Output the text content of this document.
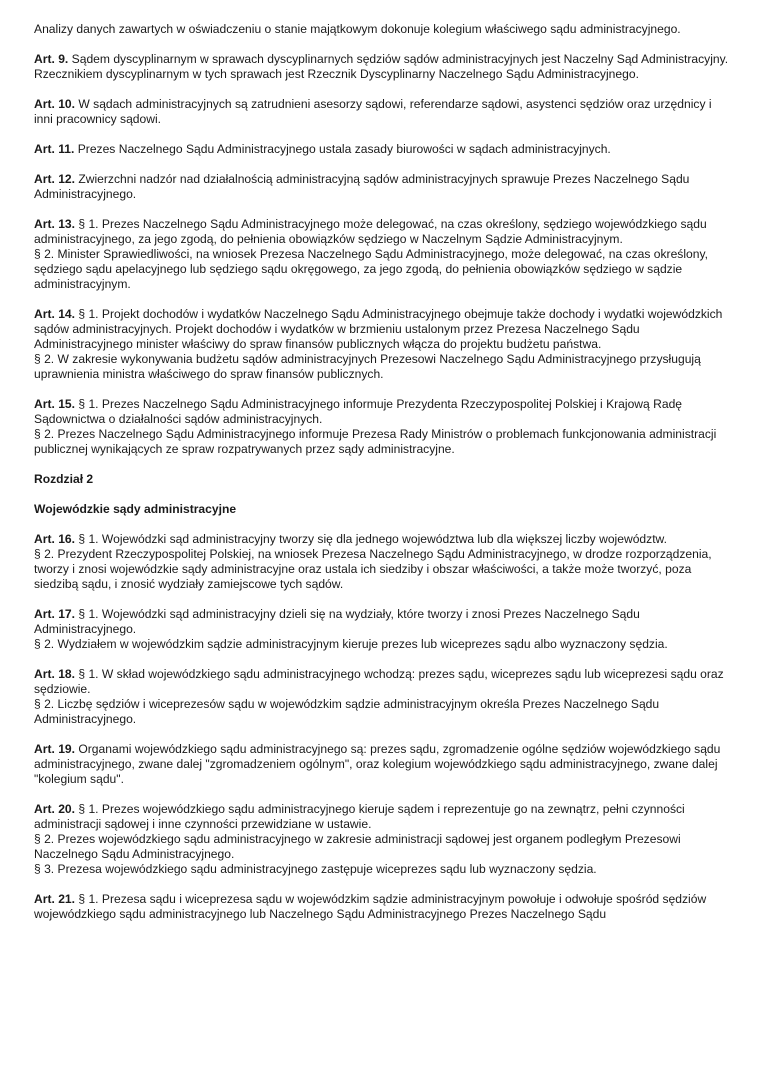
Analizy danych zawartych w oświadczeniu o stanie majątkowym dokonuje kolegium właściwego sądu administracyjnego.

Art. 9. Sądem dyscyplinarnym w sprawach dyscyplinarnych sędziów sądów administracyjnych jest Naczelny Sąd Administracyjny. Rzecznikiem dyscyplinarnym w tych sprawach jest Rzecznik Dyscyplinarny Naczelnego Sądu Administracyjnego.

Art. 10. W sądach administracyjnych są zatrudnieni asesorzy sądowi, referendarze sądowi, asystenci sędziów oraz urzędnicy i inni pracownicy sądowi.

Art. 11. Prezes Naczelnego Sądu Administracyjnego ustala zasady biurowości w sądach administracyjnych.

Art. 12. Zwierzchni nadzór nad działalnością administracyjną sądów administracyjnych sprawuje Prezes Naczelnego Sądu Administracyjnego.

Art. 13. § 1. Prezes Naczelnego Sądu Administracyjnego może delegować, na czas określony, sędziego wojewódzkiego sądu administracyjnego, za jego zgodą, do pełnienia obowiązków sędziego w Naczelnym Sądzie Administracyjnym.
§ 2. Minister Sprawiedliwości, na wniosek Prezesa Naczelnego Sądu Administracyjnego, może delegować, na czas określony, sędziego sądu apelacyjnego lub sędziego sądu okręgowego, za jego zgodą, do pełnienia obowiązków sędziego w sądzie administracyjnym.

Art. 14. § 1. Projekt dochodów i wydatków Naczelnego Sądu Administracyjnego obejmuje także dochody i wydatki wojewódzkich sądów administracyjnych. Projekt dochodów i wydatków w brzmieniu ustalonym przez Prezesa Naczelnego Sądu Administracyjnego minister właściwy do spraw finansów publicznych włącza do projektu budżetu państwa.
§ 2. W zakresie wykonywania budżetu sądów administracyjnych Prezesowi Naczelnego Sądu Administracyjnego przysługują uprawnienia ministra właściwego do spraw finansów publicznych.

Art. 15. § 1. Prezes Naczelnego Sądu Administracyjnego informuje Prezydenta Rzeczypospolitej Polskiej i Krajową Radę Sądownictwa o działalności sądów administracyjnych.
§ 2. Prezes Naczelnego Sądu Administracyjnego informuje Prezesa Rady Ministrów o problemach funkcjonowania administracji publicznej wynikających ze spraw rozpatrywanych przez sądy administracyjne.

Rozdział 2
Wojewódzkie sądy administracyjne

Art. 16. § 1. Wojewódzki sąd administracyjny tworzy się dla jednego województwa lub dla większej liczby województw.
§ 2. Prezydent Rzeczypospolitej Polskiej, na wniosek Prezesa Naczelnego Sądu Administracyjnego, w drodze rozporządzenia, tworzy i znosi wojewódzkie sądy administracyjne oraz ustala ich siedziby i obszar właściwości, a także może tworzyć, poza siedzibą sądu, i znosić wydziały zamiejscowe tych sądów.

Art. 17. § 1. Wojewódzki sąd administracyjny dzieli się na wydziały, które tworzy i znosi Prezes Naczelnego Sądu Administracyjnego.
§ 2. Wydziałem w wojewódzkim sądzie administracyjnym kieruje prezes lub wiceprezes sądu albo wyznaczony sędzia.

Art. 18. § 1. W skład wojewódzkiego sądu administracyjnego wchodzą: prezes sądu, wiceprezes sądu lub wiceprezesi sądu oraz sędziowie.
§ 2. Liczbę sędziów i wiceprezesów sądu w wojewódzkim sądzie administracyjnym określa Prezes Naczelnego Sądu Administracyjnego.

Art. 19. Organami wojewódzkiego sądu administracyjnego są: prezes sądu, zgromadzenie ogólne sędziów wojewódzkiego sądu administracyjnego, zwane dalej "zgromadzeniem ogólnym", oraz kolegium wojewódzkiego sądu administracyjnego, zwane dalej "kolegium sądu".

Art. 20. § 1. Prezes wojewódzkiego sądu administracyjnego kieruje sądem i reprezentuje go na zewnątrz, pełni czynności administracji sądowej i inne czynności przewidziane w ustawie.
§ 2. Prezes wojewódzkiego sądu administracyjnego w zakresie administracji sądowej jest organem podległym Prezesowi Naczelnego Sądu Administracyjnego.
§ 3. Prezesa wojewódzkiego sądu administracyjnego zastępuje wiceprezes sądu lub wyznaczony sędzia.

Art. 21. § 1. Prezesa sądu i wiceprezesa sądu w wojewódzkim sądzie administracyjnym powołuje i odwołuje spośród sędziów wojewódzkiego sądu administracyjnego lub Naczelnego Sądu Administracyjnego Prezes Naczelnego Sądu
